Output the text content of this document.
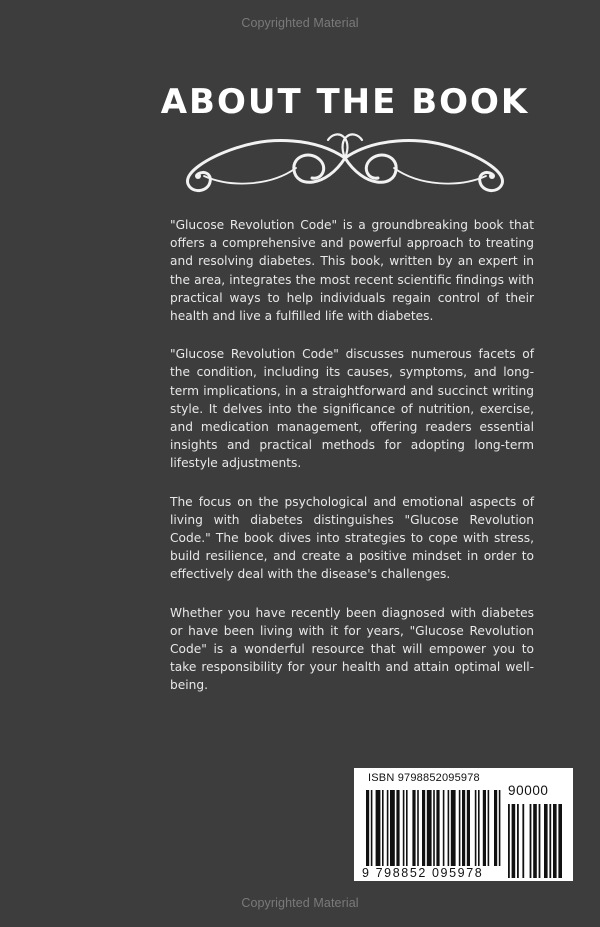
Copyrighted Material
ABOUT THE BOOK

"Glucose Revolution Code" is a groundbreaking book that offers a comprehensive and powerful approach to treating and resolving diabetes. This book, written by an expert in the area, integrates the most recent scientific findings with practical ways to help individuals regain control of their health and live a fulfilled life with diabetes.

"Glucose Revolution Code" discusses numerous facets of the condition, including its causes, symptoms, and long-term implications, in a straightforward and succinct writing style. It delves into the significance of nutrition, exercise, and medication management, offering readers essential insights and practical methods for adopting long-term lifestyle adjustments.

The focus on the psychological and emotional aspects of living with diabetes distinguishes "Glucose Revolution Code." The book dives into strategies to cope with stress, build resilience, and create a positive mindset in order to effectively deal with the disease's challenges.

Whether you have recently been diagnosed with diabetes or have been living with it for years, "Glucose Revolution Code" is a wonderful resource that will empower you to take responsibility for your health and attain optimal well-being.

ISBN 9798852095978
90000
9 798852 095978
Copyrighted Material
